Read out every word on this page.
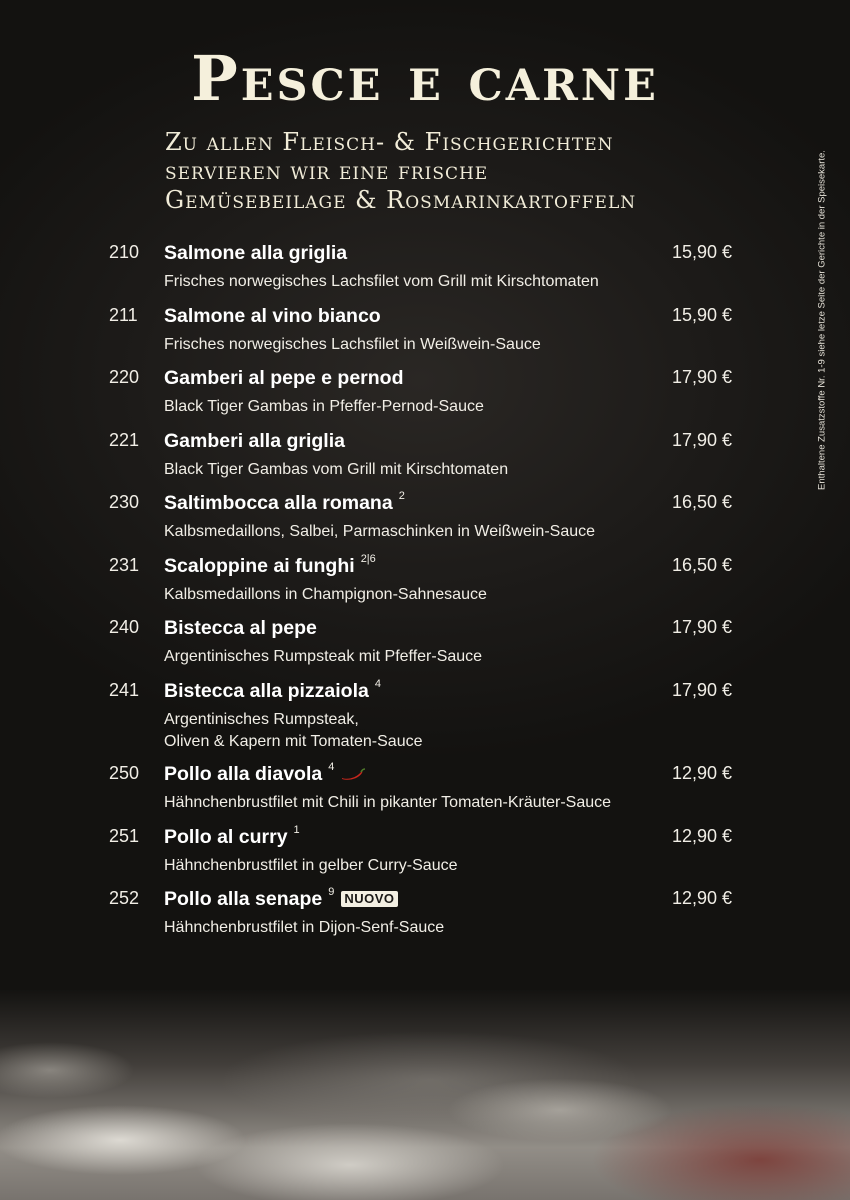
Pesce e carne
Zu allen Fleisch- & Fischgerichten
servieren wir eine frische
Gemüsebeilage & Rosmarinkartoffeln	Enthaltene Zusatzstoffe Nr. 1-9 siehe letze Seite der Gerichte in der Speisekarte.
210 Salmone alla griglia
Frisches norwegisches Lachsfilet vom Grill mit Kirschtomaten
15,90 €
211 Salmone al vino bianco
Frisches norwegisches Lachsfilet in Weißwein-Sauce
15,90 €
220 Gamberi al pepe e pernod
Black Tiger Gambas in Pfeffer-Pernod-Sauce
17,90 €
221 Gamberi alla griglia
Black Tiger Gambas vom Grill mit Kirschtomaten
17,90 €
230 Saltimbocca alla romana 2
Kalbsmedaillons, Salbei, Parmaschinken in Weißwein-Sauce
16,50 €
231 Scaloppine ai funghi 2|6
Kalbsmedaillons in Champignon-Sahnesauce
16,50 €
240 Bistecca al pepe
Argentinisches Rumpsteak mit Pfeffer-Sauce
17,90 €
241 Bistecca alla pizzaiola 4
Argentinisches Rumpsteak,
Oliven & Kapern mit Tomaten-Sauce
17,90 €
250 Pollo alla diavola 4
Hähnchenbrustfilet mit Chili in pikanter Tomaten-Kräuter-Sauce
12,90 €
251 Pollo al curry 1
Hähnchenbrustfilet in gelber Curry-Sauce
12,90 €
252 Pollo alla senape 9 NUOVO
Hähnchenbrustfilet in Dijon-Senf-Sauce
12,90 €
